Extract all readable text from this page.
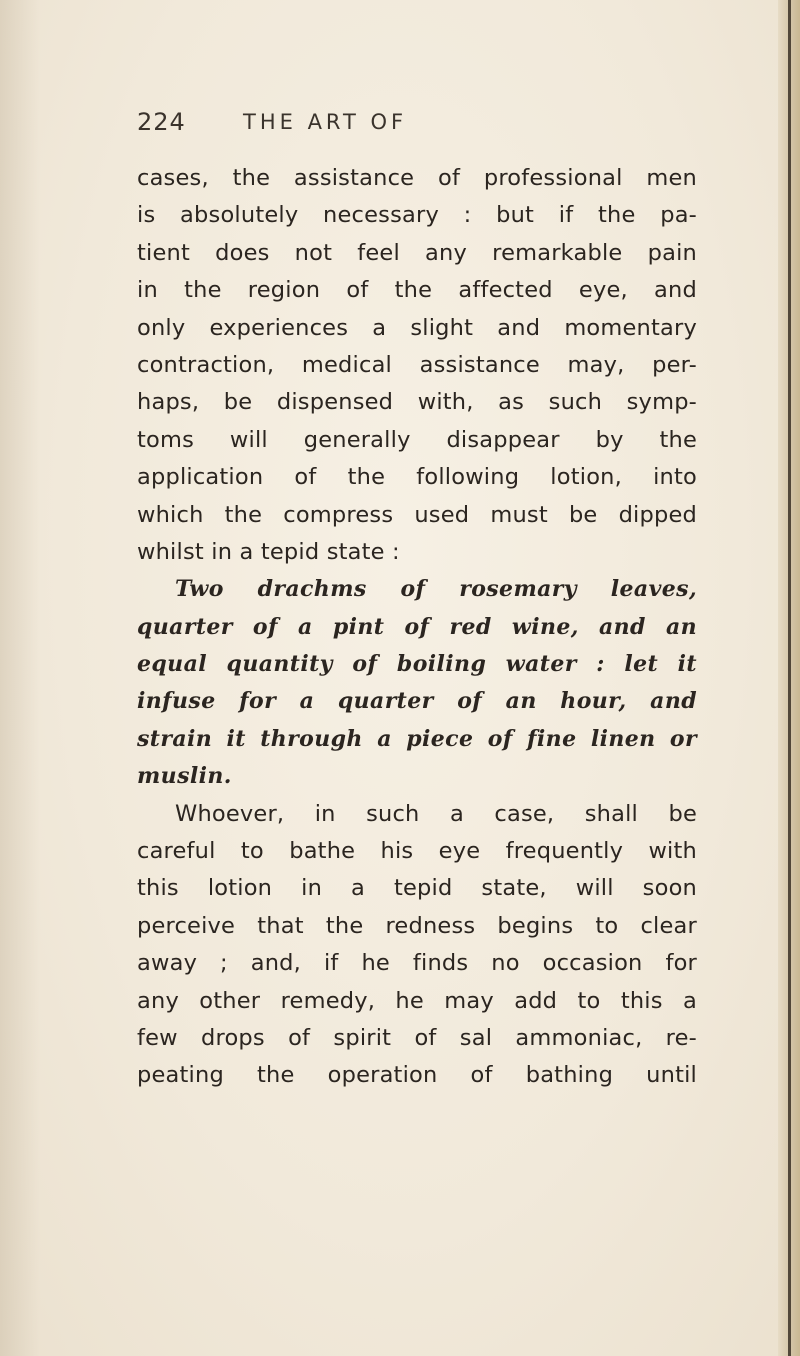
224	THE ART OF
cases, the assistance of professional men
is absolutely necessary : but if the pa-
tient does not feel any remarkable pain
in the region of the affected eye, and
only experiences a slight and momentary
contraction, medical assistance may, per-
haps, be dispensed with, as such symp-
toms will generally disappear by the
application of the following lotion, into
which the compress used must be dipped
whilst in a tepid state :
Two drachms of rosemary leaves,
quarter of a pint of red wine, and an
equal quantity of boiling water : let it
infuse for a quarter of an hour, and
strain it through a piece of fine linen or
muslin.
Whoever, in such a case, shall be
careful to bathe his eye frequently with
this lotion in a tepid state, will soon
perceive that the redness begins to clear
away ; and, if he finds no occasion for
any other remedy, he may add to this a
few drops of spirit of sal ammoniac, re-
peating the operation of bathing until
